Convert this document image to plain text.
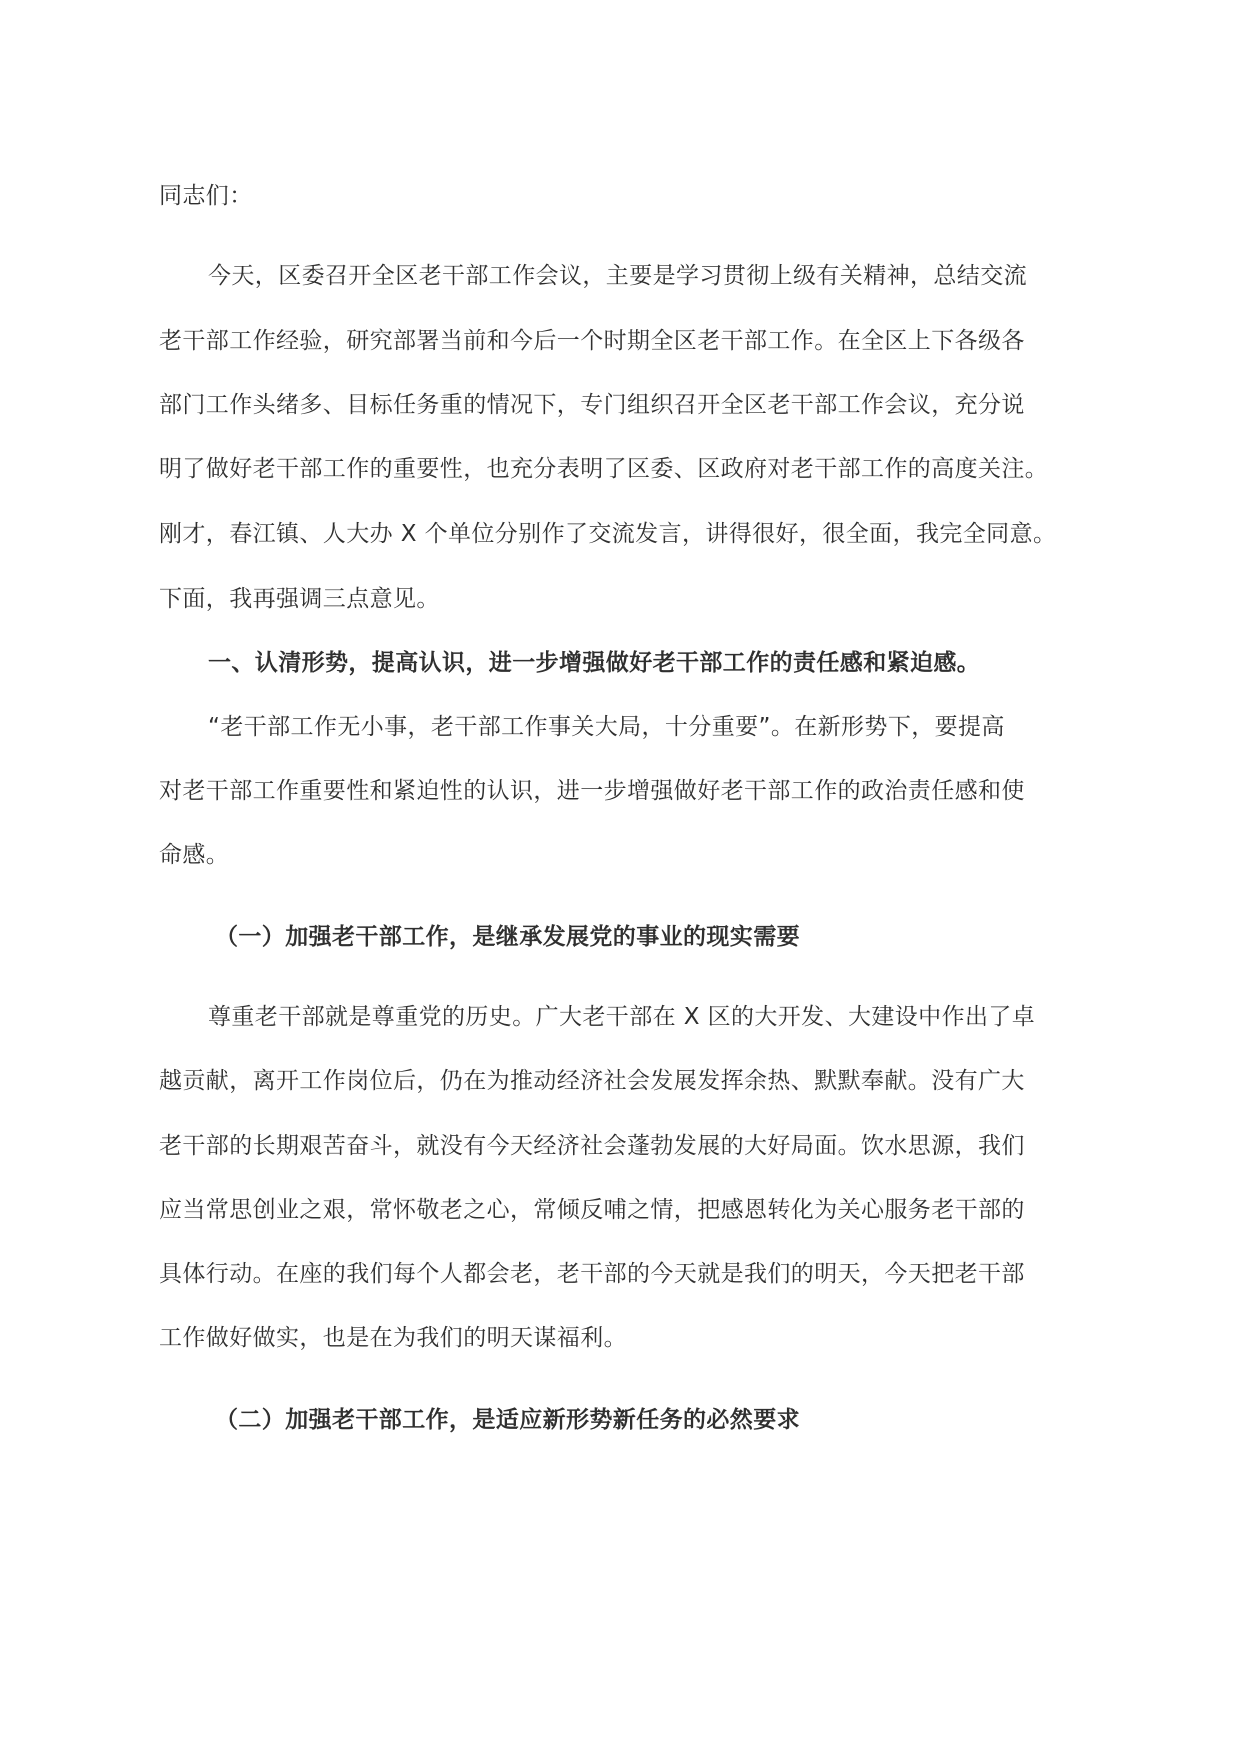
同志们：
今天，区委召开全区老干部工作会议，主要是学习贯彻上级有关精神，总结交流
老干部工作经验，研究部署当前和今后一个时期全区老干部工作。在全区上下各级各
部门工作头绪多、目标任务重的情况下，专门组织召开全区老干部工作会议，充分说
明了做好老干部工作的重要性，也充分表明了区委、区政府对老干部工作的高度关注。
刚才，春江镇、人大办 X 个单位分别作了交流发言，讲得很好，很全面，我完全同意。
下面，我再强调三点意见。
一、认清形势，提高认识，进一步增强做好老干部工作的责任感和紧迫感。
“老干部工作无小事，老干部工作事关大局，十分重要”。在新形势下，要提高
对老干部工作重要性和紧迫性的认识，进一步增强做好老干部工作的政治责任感和使
命感。
（一）加强老干部工作，是继承发展党的事业的现实需要
尊重老干部就是尊重党的历史。广大老干部在 X 区的大开发、大建设中作出了卓
越贡献，离开工作岗位后，仍在为推动经济社会发展发挥余热、默默奉献。没有广大
老干部的长期艰苦奋斗，就没有今天经济社会蓬勃发展的大好局面。饮水思源，我们
应当常思创业之艰，常怀敬老之心，常倾反哺之情，把感恩转化为关心服务老干部的
具体行动。在座的我们每个人都会老，老干部的今天就是我们的明天，今天把老干部
工作做好做实，也是在为我们的明天谋福利。
（二）加强老干部工作，是适应新形势新任务的必然要求
